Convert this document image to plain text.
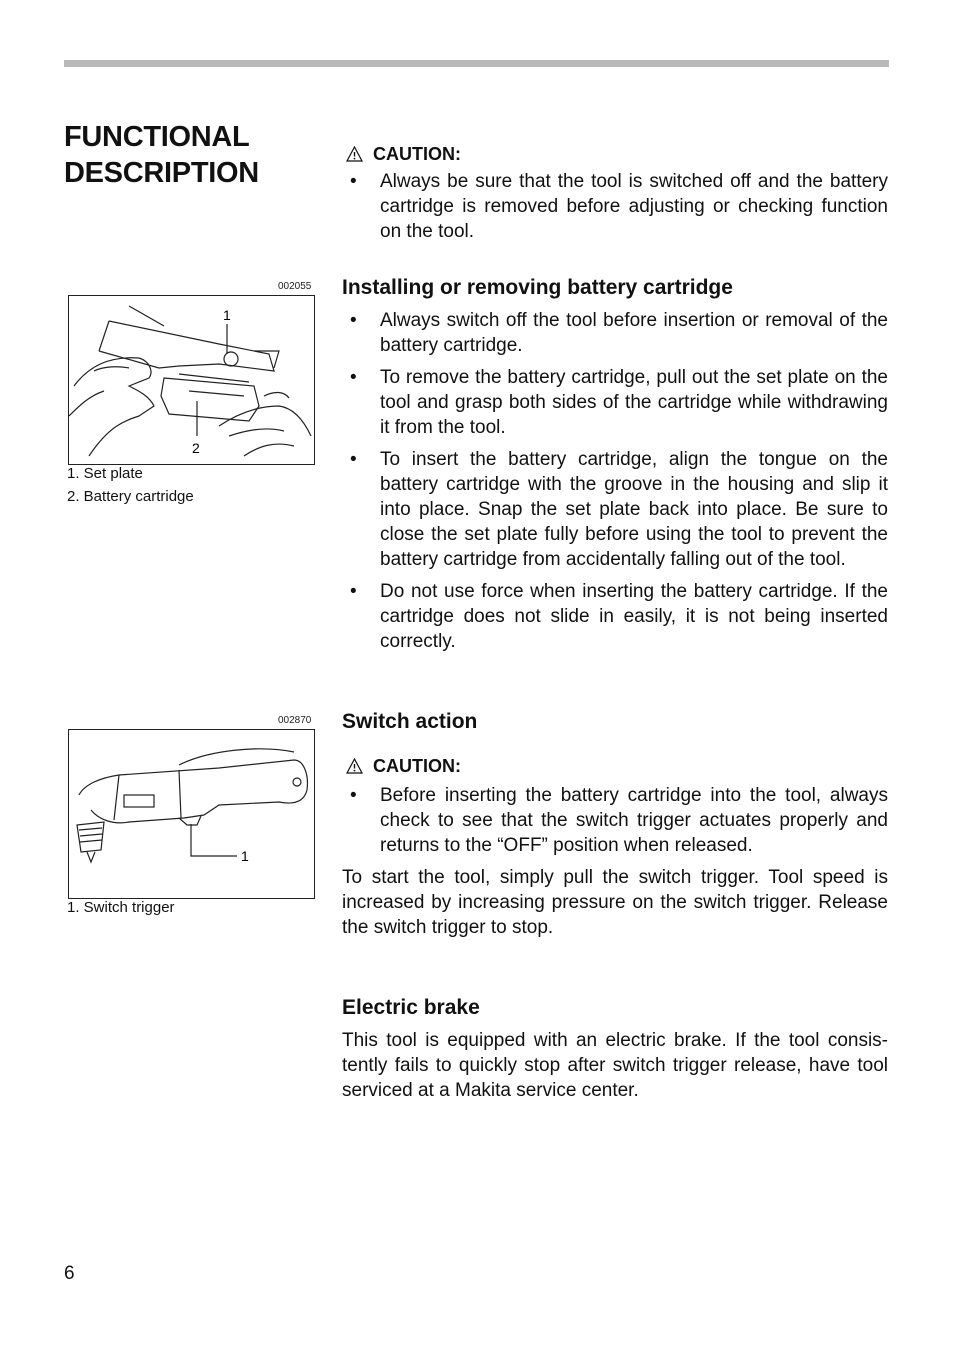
FUNCTIONAL
DESCRIPTION
002055
1
2
1. Set plate
2. Battery cartridge
002870
1
1. Switch trigger
CAUTION:
• Always be sure that the tool is switched off and the battery cartridge is removed before adjusting or checking function on the tool.
Installing or removing battery cartridge
• Always switch off the tool before insertion or removal of the battery cartridge.
• To remove the battery cartridge, pull out the set plate on the tool and grasp both sides of the cartridge while withdrawing it from the tool.
• To insert the battery cartridge, align the tongue on the battery cartridge with the groove in the housing and slip it into place. Snap the set plate back into place. Be sure to close the set plate fully before using the tool to prevent the battery cartridge from accidentally falling out of the tool.
• Do not use force when inserting the battery cartridge. If the cartridge does not slide in easily, it is not being inserted correctly.
Switch action
CAUTION:
• Before inserting the battery cartridge into the tool, always check to see that the switch trigger actuates properly and returns to the “OFF” position when released.

To start the tool, simply pull the switch trigger. Tool speed is increased by increasing pressure on the switch trigger. Release the switch trigger to stop.

Electric brake

This tool is equipped with an electric brake. If the tool consis- tently fails to quickly stop after switch trigger release, have tool serviced at a Makita service center.

6
